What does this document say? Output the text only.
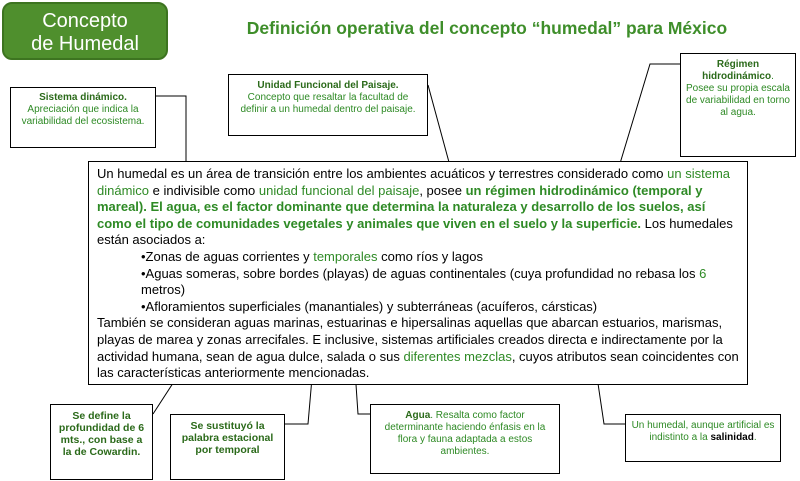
Concepto
de Humedal
Definición operativa del concepto “humedal” para México
Sistema dinámico.
Apreciación que indica la variabilidad del ecosistema.
Unidad Funcional del Paisaje.
Concepto que resaltar la facultad de definir a un humedal dentro del paisaje.
Régimen hidrodinámico.
Posee su propia escala de variabilidad en torno al agua.
Se define la profundidad de 6 mts., con base a la de Cowardin.
Se sustituyó la palabra estacional por temporal
Agua. Resalta como factor determinante haciendo énfasis en la flora y fauna adaptada a estos ambientes.
Un humedal, aunque artificial es indistinto a la salinidad.

Un humedal es un área de transición entre los ambientes acuáticos y terrestres considerado como un sistema dinámico e indivisible como unidad funcional del paisaje, posee un régimen hidrodinámico (temporal y mareal). El agua, es el factor dominante que determina la naturaleza y desarrollo de los suelos, así como el tipo de comunidades vegetales y animales que viven en el suelo y la superficie. Los humedales están asociados a:

•Zonas de aguas corrientes y temporales como ríos y lagos

•Aguas someras, sobre bordes (playas) de aguas continentales (cuya profundidad no rebasa los 6 metros)

•Afloramientos superficiales (manantiales) y subterráneas (acuíferos, cársticas)

También se consideran aguas marinas, estuarinas e hipersalinas aquellas que abarcan estuarios, marismas, playas de marea y zonas arrecifales. E inclusive, sistemas artificiales creados directa e indirectamente por la actividad humana, sean de agua dulce, salada o sus diferentes mezclas, cuyos atributos sean coincidentes con las características anteriormente mencionadas.
